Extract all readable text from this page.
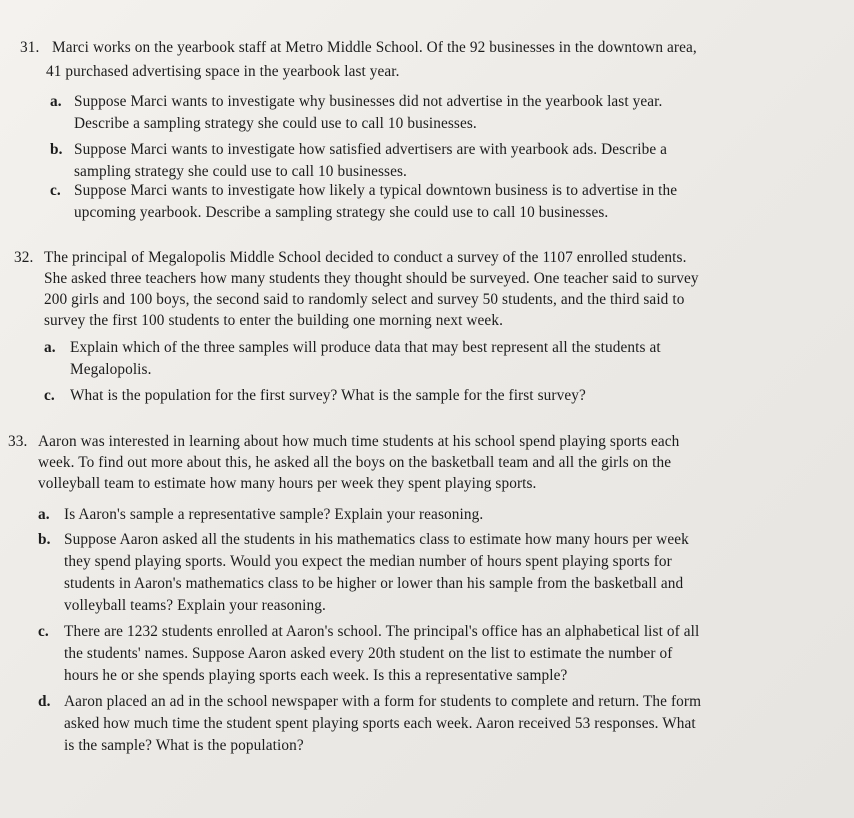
31. Marci works on the yearbook staff at Metro Middle School. Of the 92 businesses in the downtown area,
41 purchased advertising space in the yearbook last year.
a. Suppose Marci wants to investigate why businesses did not advertise in the yearbook last year.
Describe a sampling strategy she could use to call 10 businesses.
b. Suppose Marci wants to investigate how satisfied advertisers are with yearbook ads. Describe a
sampling strategy she could use to call 10 businesses.
c. Suppose Marci wants to investigate how likely a typical downtown business is to advertise in the
upcoming yearbook. Describe a sampling strategy she could use to call 10 businesses.
32. The principal of Megalopolis Middle School decided to conduct a survey of the 1107 enrolled students.
She asked three teachers how many students they thought should be surveyed. One teacher said to survey
200 girls and 100 boys, the second said to randomly select and survey 50 students, and the third said to
survey the first 100 students to enter the building one morning next week.
a. Explain which of the three samples will produce data that may best represent all the students at
Megalopolis.
c. What is the population for the first survey? What is the sample for the first survey?
33. Aaron was interested in learning about how much time students at his school spend playing sports each
week. To find out more about this, he asked all the boys on the basketball team and all the girls on the
volleyball team to estimate how many hours per week they spent playing sports.
a. Is Aaron's sample a representative sample? Explain your reasoning.
b. Suppose Aaron asked all the students in his mathematics class to estimate how many hours per week
they spend playing sports. Would you expect the median number of hours spent playing sports for
students in Aaron's mathematics class to be higher or lower than his sample from the basketball and
volleyball teams? Explain your reasoning.
c. There are 1232 students enrolled at Aaron's school. The principal's office has an alphabetical list of all
the students' names. Suppose Aaron asked every 20th student on the list to estimate the number of
hours he or she spends playing sports each week. Is this a representative sample?
d. Aaron placed an ad in the school newspaper with a form for students to complete and return. The form
asked how much time the student spent playing sports each week. Aaron received 53 responses. What
is the sample? What is the population?
